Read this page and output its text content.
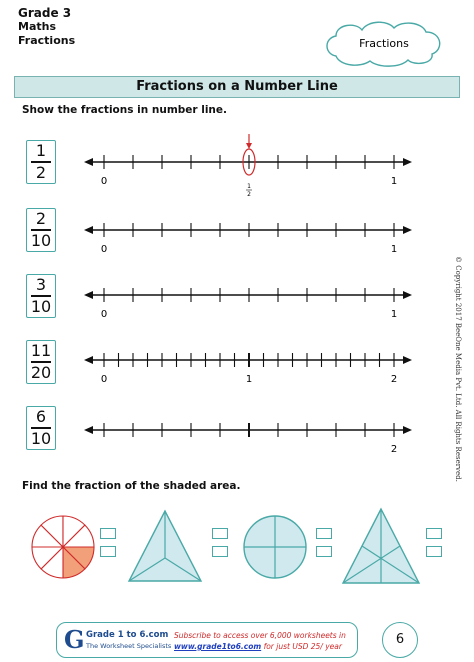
Grade 3
Maths
Fractions	Fractions
Fractions on a Number Line
Show the fractions in number line.
1
2
2
10
3
10
11
20
6
10
0	1
1
2
0	1
0	1
0	1	2
2	© Copyright 2017 BeeOne Media Pvt. Ltd. All Rights Reserved.
Find the fraction of the shaded area.
G Grade 1 to 6.com
The Worksheet Specialists
Subscribe to access over 6,000 worksheets in
www.grade1to6.com for just USD 25/ year	6
